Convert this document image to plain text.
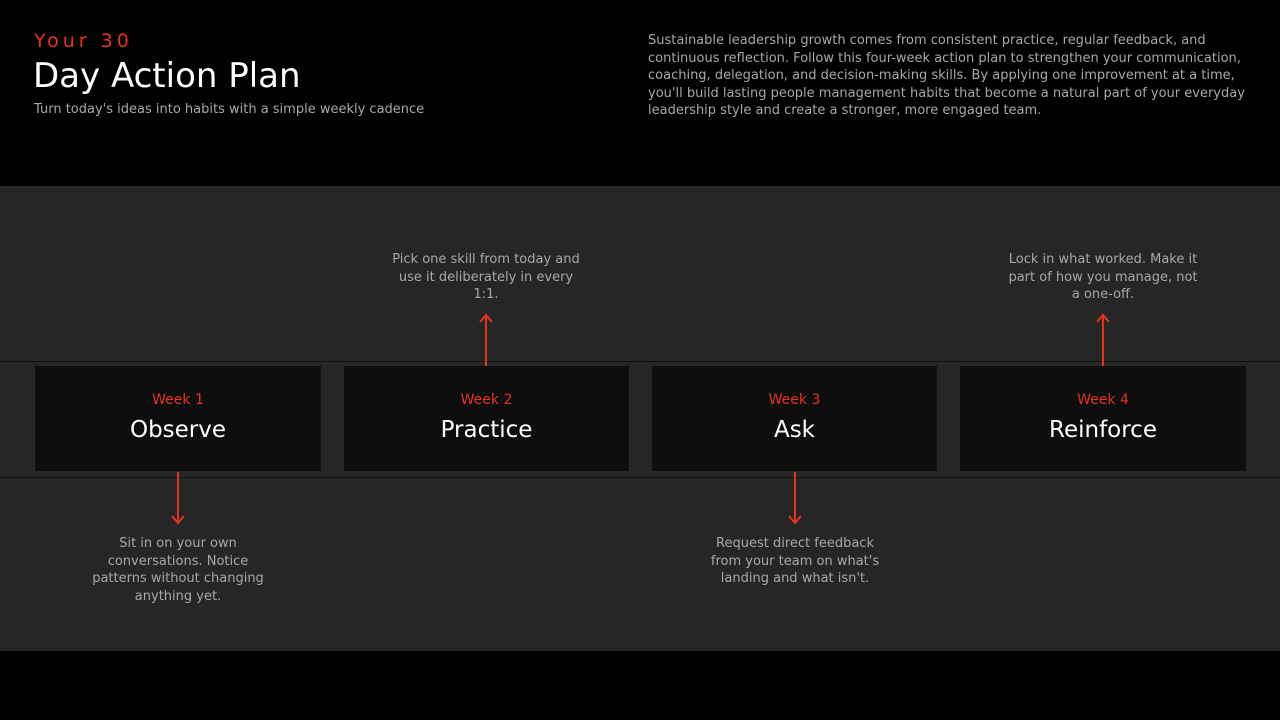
Your 30
Day Action Plan
Turn today's ideas into habits with a simple weekly cadence
Sustainable leadership growth comes from consistent practice, regular feedback, and continuous reflection. Follow this four-week action plan to strengthen your communication, coaching, delegation, and decision-making skills. By applying one improvement at a time, you'll build lasting people management habits that become a natural part of your everyday leadership style and create a stronger, more engaged team.
Week 1
Observe
Sit in on your own conversations. Notice patterns without changing anything yet.
Week 2
Practice
Pick one skill from today and use it deliberately in every 1:1.
Week 3
Ask
Request direct feedback from your team on what's landing and what isn't.
Week 4
Reinforce
Lock in what worked. Make it part of how you manage, not a one-off.
